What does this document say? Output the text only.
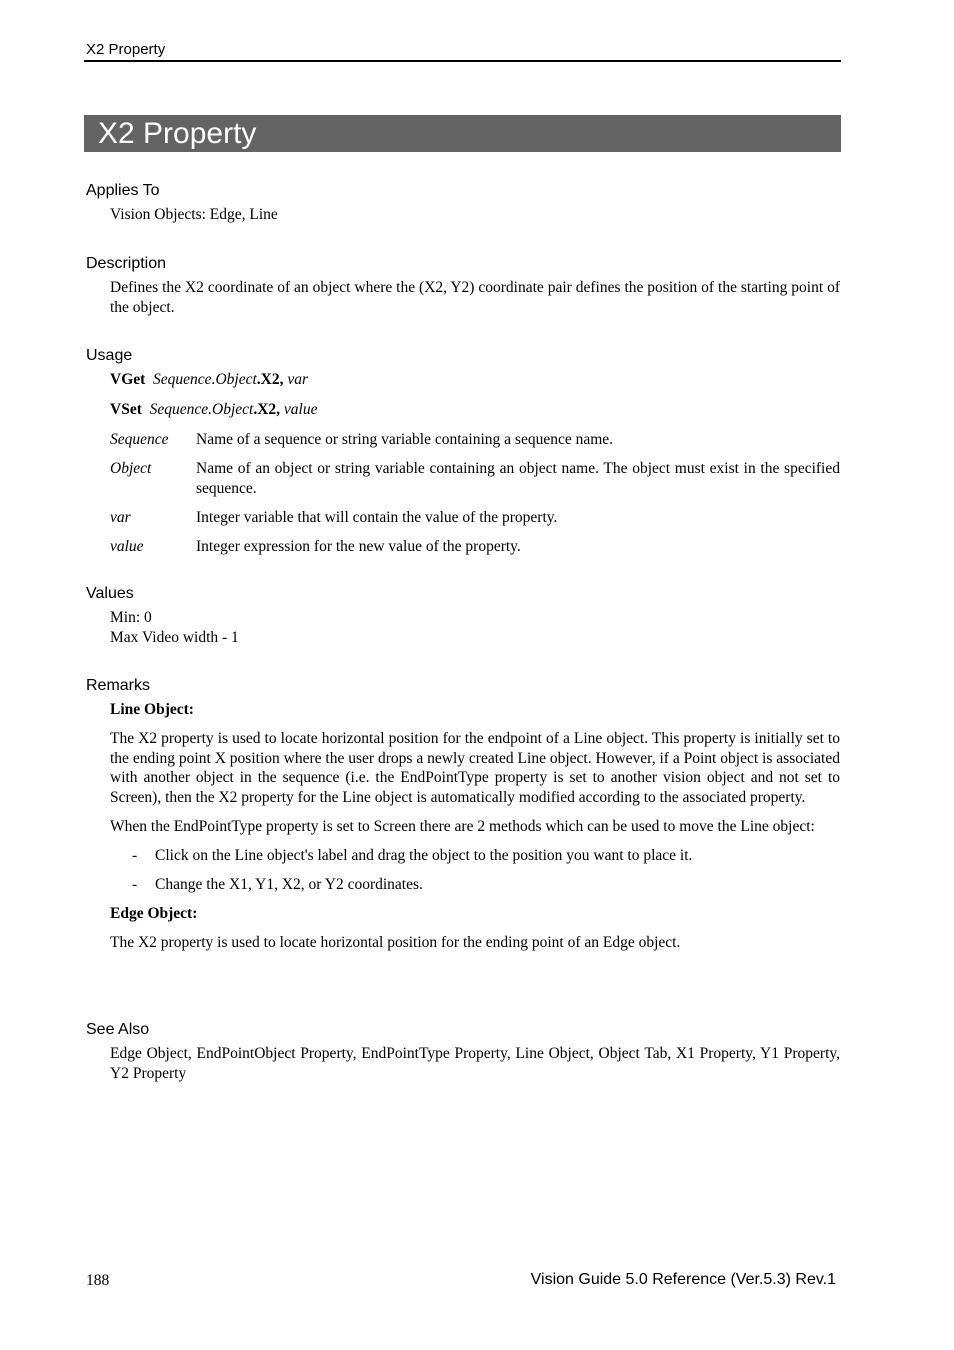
X2 Property
X2 Property
Applies To

Vision Objects: Edge, Line

Description

Defines the X2 coordinate of an object where the (X2, Y2) coordinate pair defines the position of the starting point of the object.

Usage
VGet Sequence.Object.X2, var
VSet Sequence.Object.X2, value
Sequence	Name of a sequence or string variable containing a sequence name.
Object	Name of an object or string variable containing an object name. The object must exist in the specified sequence.
var	Integer variable that will contain the value of the property.
value	Integer expression for the new value of the property.
Values

Min: 0

Max Video width - 1

Remarks

Line Object:

The X2 property is used to locate horizontal position for the endpoint of a Line object. This property is initially set to the ending point X position where the user drops a newly created Line object. However, if a Point object is associated with another object in the sequence (i.e. the EndPointType property is set to another vision object and not set to Screen), then the X2 property for the Line object is automatically modified according to the associated property.

When the EndPointType property is set to Screen there are 2 methods which can be used to move the Line object:

-	Click on the Line object's label and drag the object to the position you want to place it.
-	Change the X1, Y1, X2, or Y2 coordinates.

Edge Object:

The X2 property is used to locate horizontal position for the ending point of an Edge object.

See Also

Edge Object, EndPointObject Property, EndPointType Property, Line Object, Object Tab, X1 Property, Y1 Property, Y2 Property

188	Vision Guide 5.0 Reference (Ver.5.3) Rev.1
